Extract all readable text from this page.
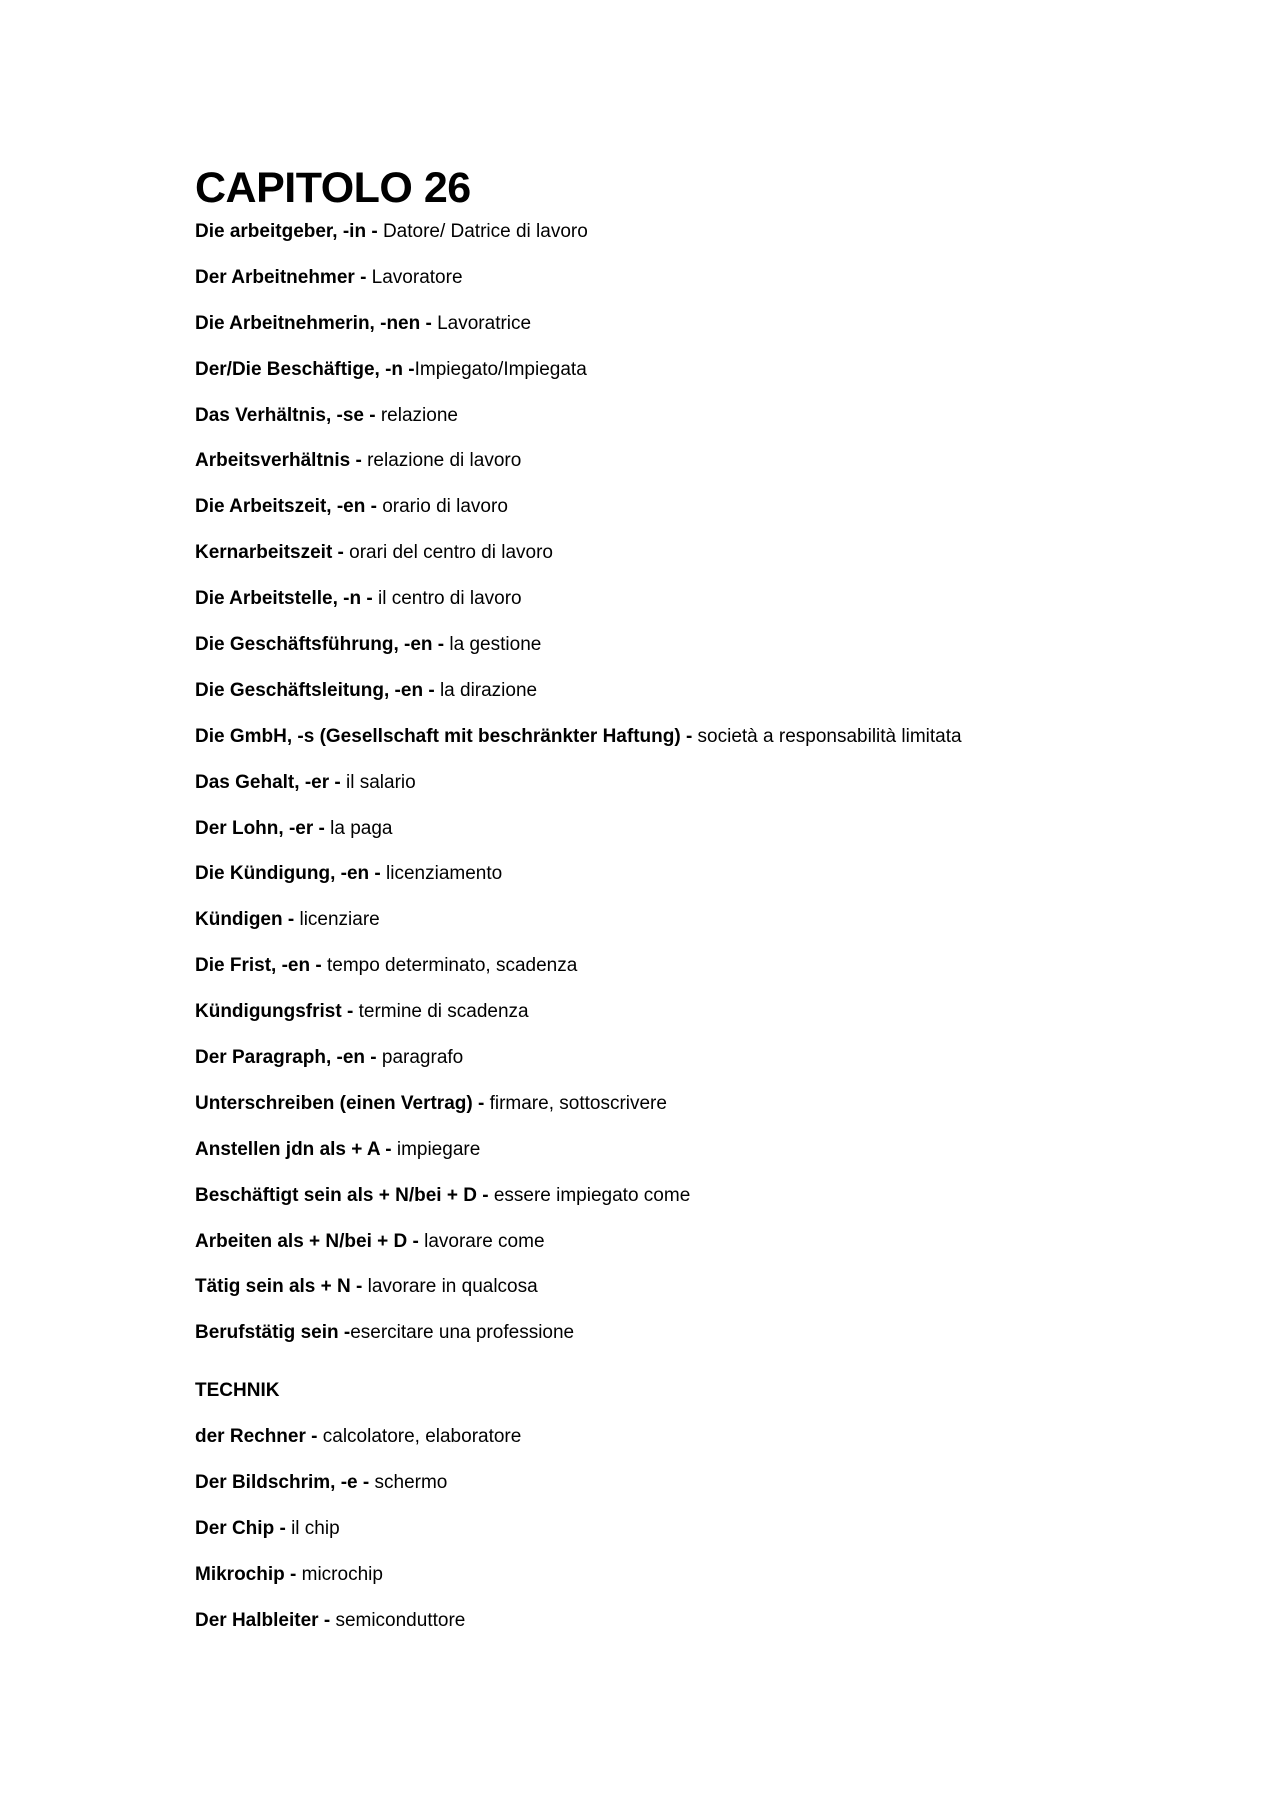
CAPITOLO 26
Die arbeitgeber, -in - Datore/ Datrice di lavoro
Der Arbeitnehmer - Lavoratore
Die Arbeitnehmerin, -nen - Lavoratrice
Der/Die Beschäftige, -n -Impiegato/Impiegata
Das Verhältnis, -se - relazione
Arbeitsverhältnis - relazione di lavoro
Die Arbeitszeit, -en - orario di lavoro
Kernarbeitszeit - orari del centro di lavoro
Die Arbeitstelle, -n - il centro di lavoro
Die Geschäftsführung, -en - la gestione
Die Geschäftsleitung, -en - la dirazione
Die GmbH, -s (Gesellschaft mit beschränkter Haftung) - società a responsabilità limitata
Das Gehalt, -er - il salario
Der Lohn, -er - la paga
Die Kündigung, -en - licenziamento
Kündigen - licenziare
Die Frist, -en - tempo determinato, scadenza
Kündigungsfrist - termine di scadenza
Der Paragraph, -en - paragrafo
Unterschreiben (einen Vertrag) - firmare, sottoscrivere
Anstellen jdn als + A - impiegare
Beschäftigt sein als + N/bei + D - essere impiegato come
Arbeiten als + N/bei + D - lavorare come
Tätig sein als + N - lavorare in qualcosa
Berufstätig sein -esercitare una professione
TECHNIK
der Rechner - calcolatore, elaboratore
Der Bildschrim, -e - schermo
Der Chip - il chip
Mikrochip - microchip
Der Halbleiter - semiconduttore
